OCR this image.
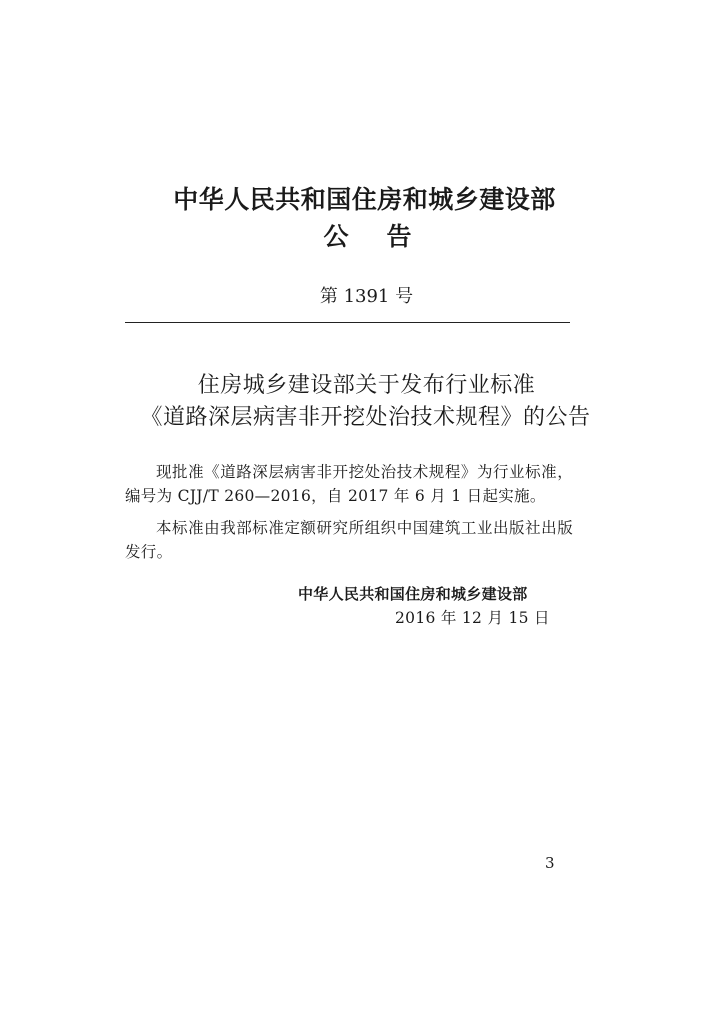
中华人民共和国住房和城乡建设部
公告
第 1391 号
住房城乡建设部关于发布行业标准
《道路深层病害非开挖处治技术规程》的公告
现批准《道路深层病害非开挖处治技术规程》为行业标准，编号为 CJJ/T 260—2016，自 2017 年 6 月 1 日起实施。
本标准由我部标准定额研究所组织中国建筑工业出版社出版发行。
中华人民共和国住房和城乡建设部
2016 年 12 月 15 日
3
